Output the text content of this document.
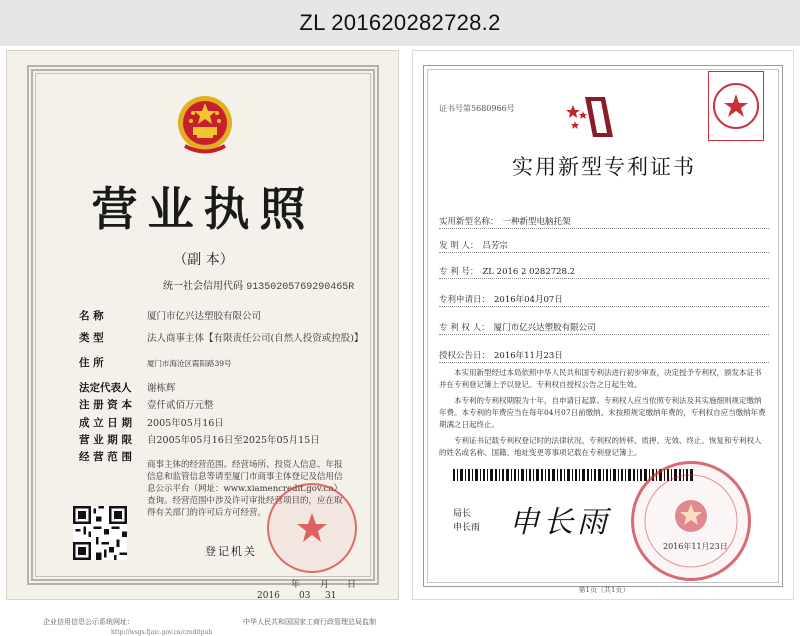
ZL 201620282728.2
营业执照
（副 本）
统一社会信用代码 91350205769290465R
名 称	厦门市亿兴达塑胶有限公司
类 型	法人商事主体【有限责任公司(自然人投资或控股)】
住 所	厦门市海沧区霞阳路39号
法定代表人	谢栋辉
注 册 资 本	壹仟贰佰万元整
成 立 日 期	2005年05月16日
营 业 期 限	自2005年05月16日至2025年05月15日
经 营 范 围
商事主体的经营范围、经营场所、投资人信息、年报信息和监管信息等请至厦门市商事主体登记及信用信息公示平台（网址：www.xiamencredit.gov.cn）查询。经营范围中涉及许可审批经营项目的，应在取得有关部门的许可后方可经营。
登记机关
2016
年
03
月
31
日
企业信用信息公示系统网址：	中华人民共和国国家工商行政管理总局监制
http://wsgs.fjaic.gov.cn/creditpub
证书号第5680966号
实用新型专利证书
实用新型名称： 一种新型电脑托架
发 明 人： 吕芳宗
专 利 号： ZL 2016 2 0282728.2
专利申请日： 2016年04月07日
专 利 权 人： 厦门市亿兴达塑胶有限公司
授权公告日： 2016年11月23日
本实用新型经过本局依照中华人民共和国专利法进行初步审查，决定授予专利权，颁发本证书并在专利登记簿上予以登记。专利权自授权公告之日起生效。
本专利的专利权期限为十年，自申请日起算。专利权人应当依照专利法及其实施细则规定缴纳年费。本专利的年费应当在每年04月07日前缴纳。未按照规定缴纳年费的，专利权自应当缴纳年费期满之日起终止。
专利证书记载专利权登记时的法律状况。专利权的转移、质押、无效、终止、恢复和专利权人的姓名或名称、国籍、地址变更等事项记载在专利登记簿上。
局长
申长雨 申长雨
2016年11月23日
第1页（共1页）
